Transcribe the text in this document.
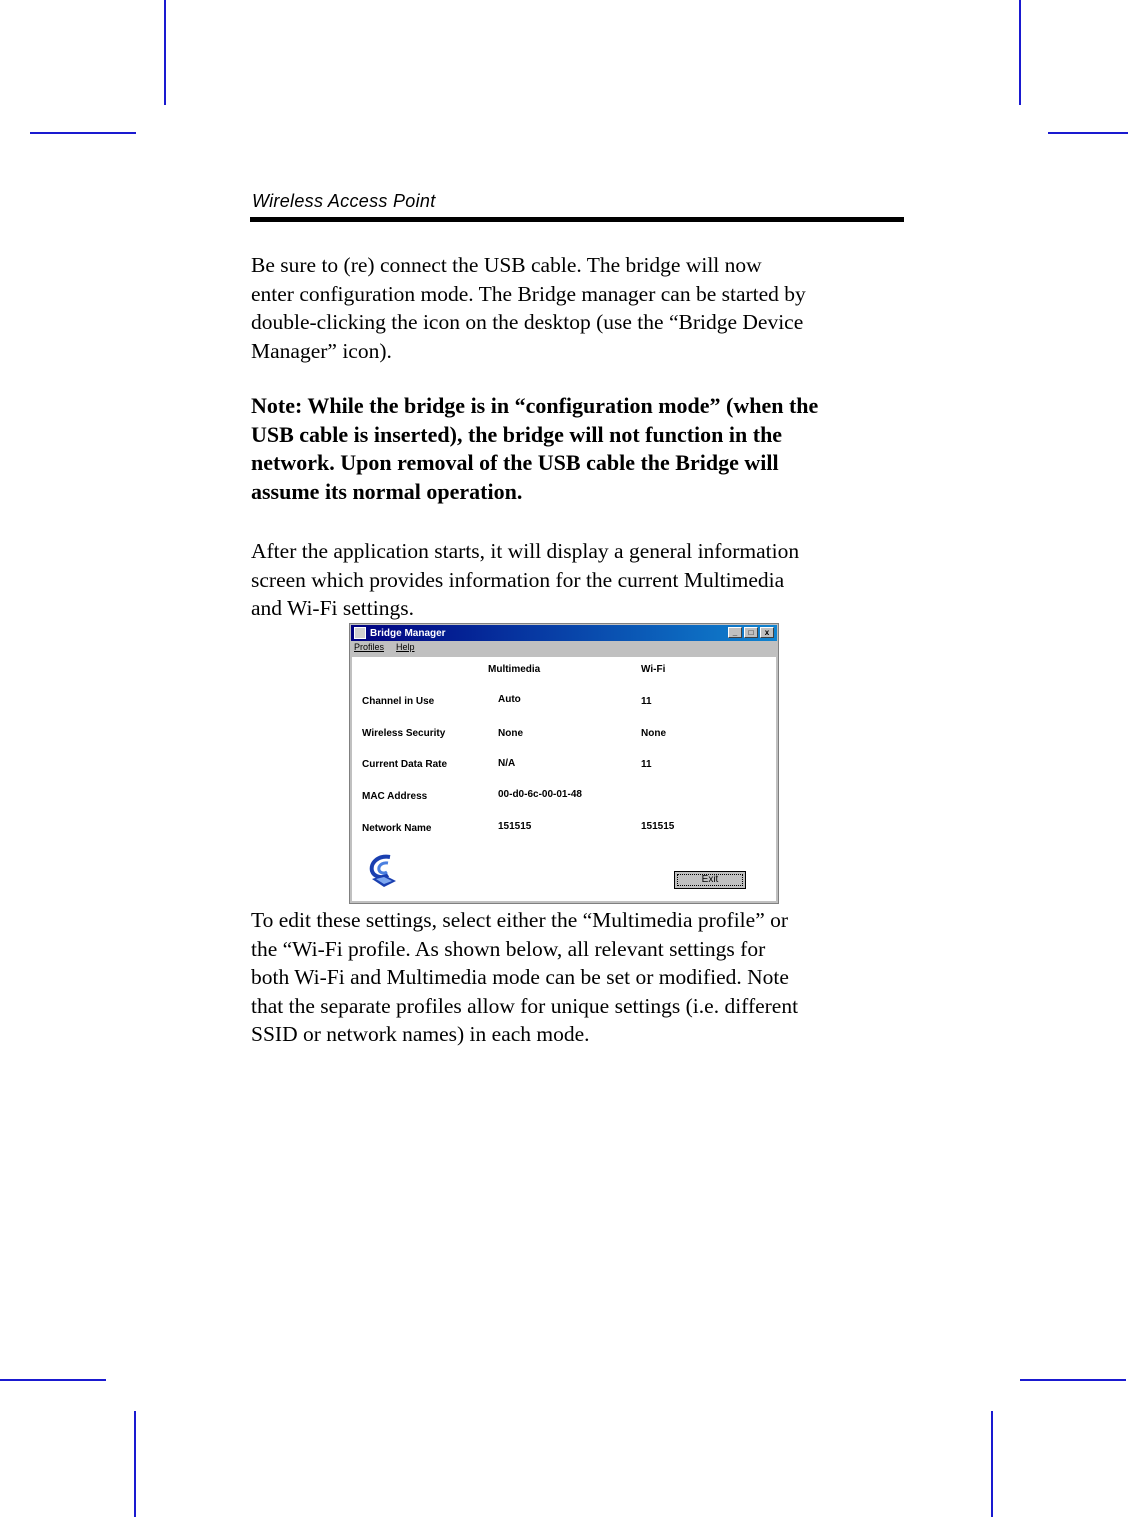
Wireless Access Point

Be sure to (re) connect the USB cable. The bridge will now
enter configuration mode. The Bridge manager can be started by
double-clicking the icon on the desktop (use the “Bridge Device
Manager” icon).

Note: While the bridge is in “configuration mode” (when the
USB cable is inserted), the bridge will not function in the
network. Upon removal of the USB cable the Bridge will
assume its normal operation.

After the application starts, it will display a general information
screen which provides information for the current Multimedia
and Wi-Fi settings.

Bridge Manager	_	□	x
Profiles Help
Multimedia	Wi-Fi
Channel in Use	Auto	11
Wireless Security	None	None
Current Data Rate	N/A	11
MAC Address	00-d0-6c-00-01-48
Network Name	151515	151515
Exit

To edit these settings, select either the “Multimedia profile” or
the “Wi-Fi profile. As shown below, all relevant settings for
both Wi-Fi and Multimedia mode can be set or modified. Note
that the separate profiles allow for unique settings (i.e. different
SSID or network names) in each mode.
